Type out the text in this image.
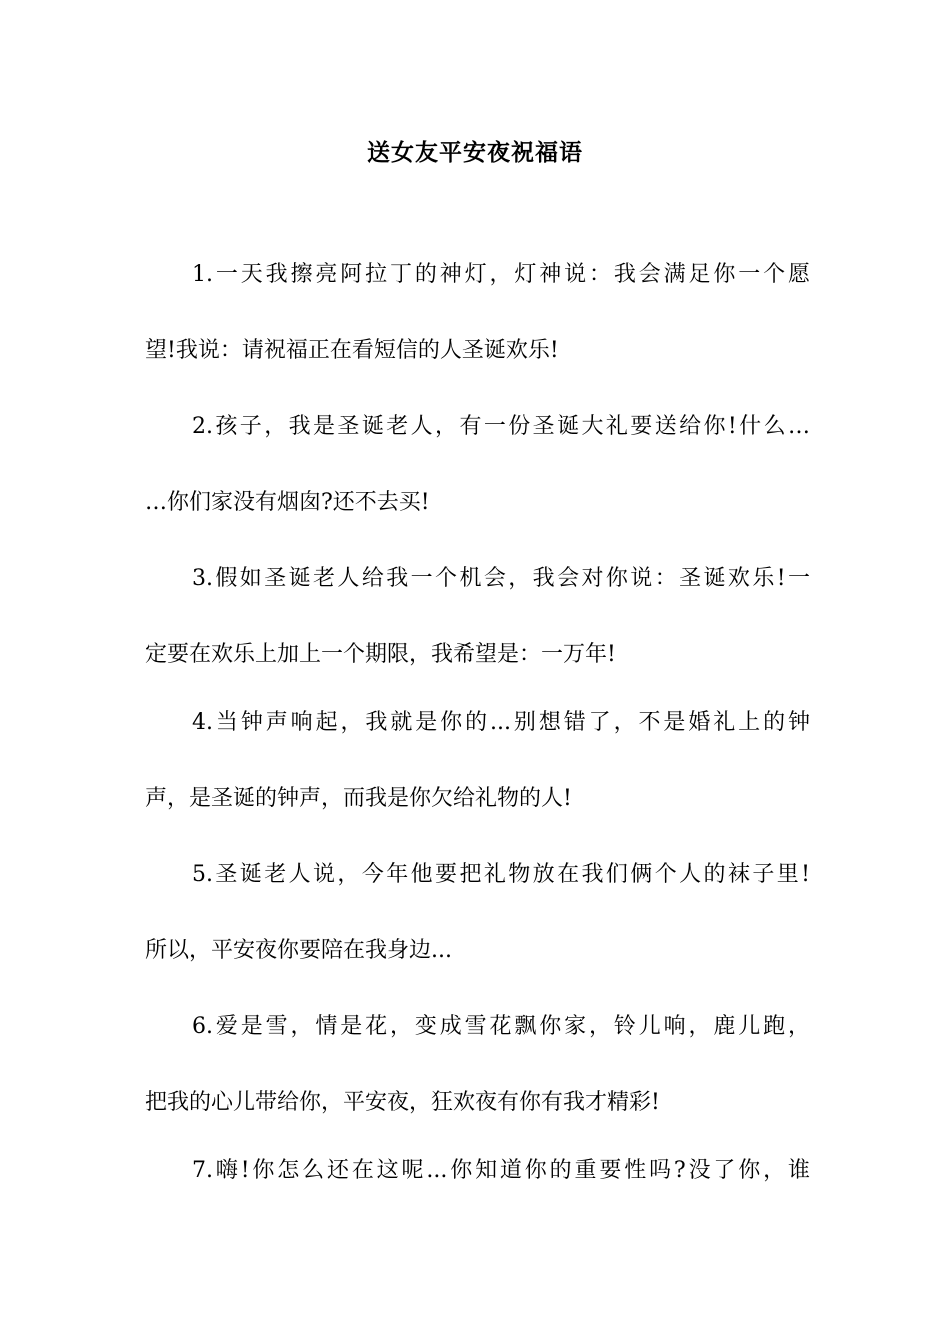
送女友平安夜祝福语
1.一天我擦亮阿拉丁的神灯，灯神说：我会满足你一个愿
望!我说：请祝福正在看短信的人圣诞欢乐!
2.孩子，我是圣诞老人，有一份圣诞大礼要送给你!什么…
…你们家没有烟囱?还不去买!
3.假如圣诞老人给我一个机会，我会对你说：圣诞欢乐!一
定要在欢乐上加上一个期限，我希望是：一万年!
4.当钟声响起，我就是你的...别想错了，不是婚礼上的钟
声，是圣诞的钟声，而我是你欠给礼物的人!
5.圣诞老人说，今年他要把礼物放在我们俩个人的袜子里!
所以，平安夜你要陪在我身边...
6.爱是雪，情是花，变成雪花飘你家，铃儿响，鹿儿跑，
把我的心儿带给你，平安夜，狂欢夜有你有我才精彩!
7.嗨!你怎么还在这呢...你知道你的重要性吗?没了你，谁
